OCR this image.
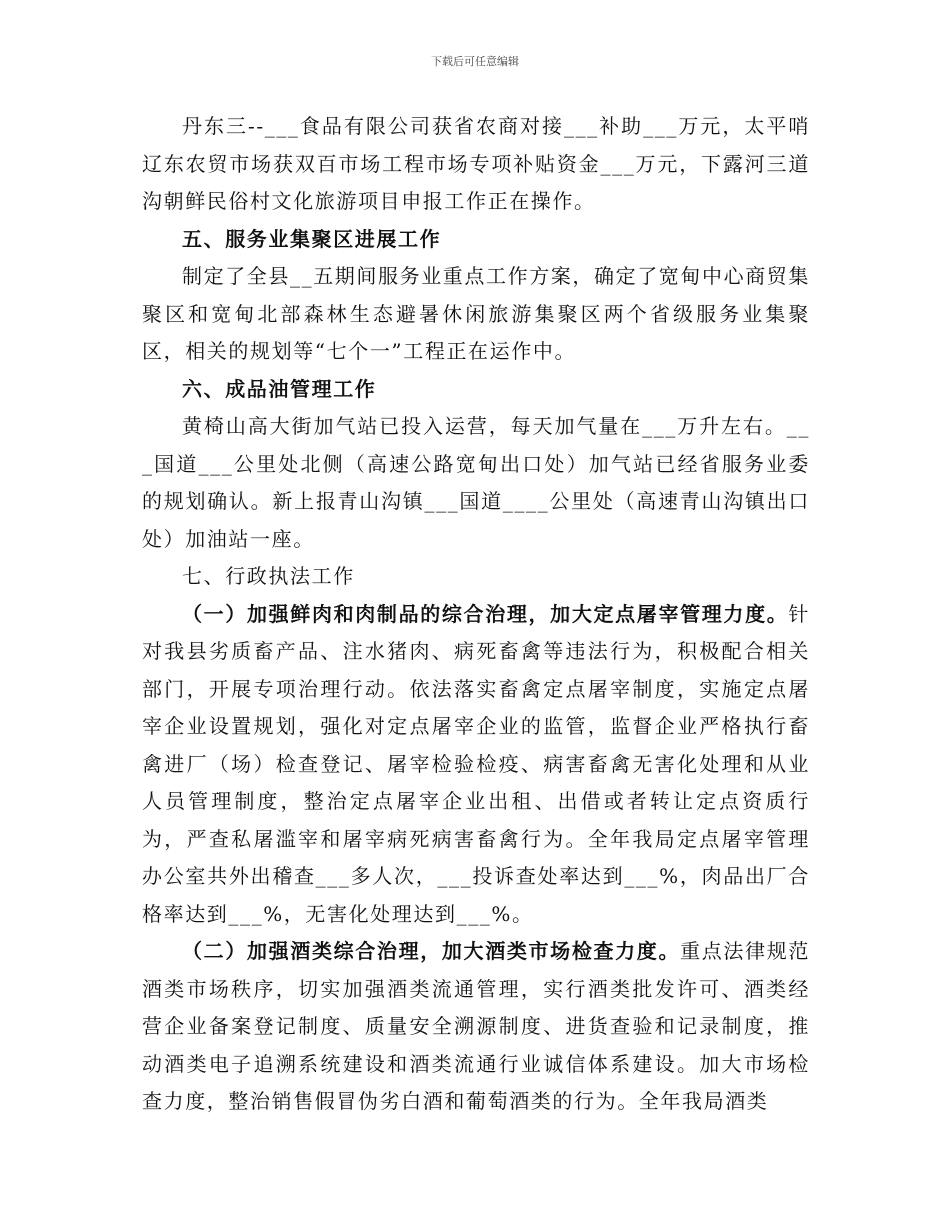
下载后可任意编辑

丹东三--___食品有限公司获省农商对接___补助___万元，太平哨辽东农贸市场获双百市场工程市场专项补贴资金___万元，下露河三道沟朝鲜民俗村文化旅游项目申报工作正在操作。

五、服务业集聚区进展工作

制定了全县__五期间服务业重点工作方案，确定了宽甸中心商贸集聚区和宽甸北部森林生态避暑休闲旅游集聚区两个省级服务业集聚区，相关的规划等“七个一”工程正在运作中。

六、成品油管理工作

黄椅山高大街加气站已投入运营，每天加气量在___万升左右。___国道___公里处北侧（高速公路宽甸出口处）加气站已经省服务业委的规划确认。新上报青山沟镇___国道____公里处（高速青山沟镇出口处）加油站一座。

七、行政执法工作

（一）加强鲜肉和肉制品的综合治理，加大定点屠宰管理力度。针对我县劣质畜产品、注水猪肉、病死畜禽等违法行为，积极配合相关部门，开展专项治理行动。依法落实畜禽定点屠宰制度，实施定点屠宰企业设置规划，强化对定点屠宰企业的监管，监督企业严格执行畜禽进厂（场）检查登记、屠宰检验检疫、病害畜禽无害化处理和从业人员管理制度，整治定点屠宰企业出租、出借或者转让定点资质行为，严查私屠滥宰和屠宰病死病害畜禽行为。全年我局定点屠宰管理办公室共外出稽查___多人次，___投诉查处率达到___%，肉品出厂合格率达到___%，无害化处理达到___%。

（二）加强酒类综合治理，加大酒类市场检查力度。重点法律规范酒类市场秩序，切实加强酒类流通管理，实行酒类批发许可、酒类经营企业备案登记制度、质量安全溯源制度、进货查验和记录制度，推动酒类电子追溯系统建设和酒类流通行业诚信体系建设。加大市场检查力度，整治销售假冒伪劣白酒和葡萄酒类的行为。全年我局酒类
